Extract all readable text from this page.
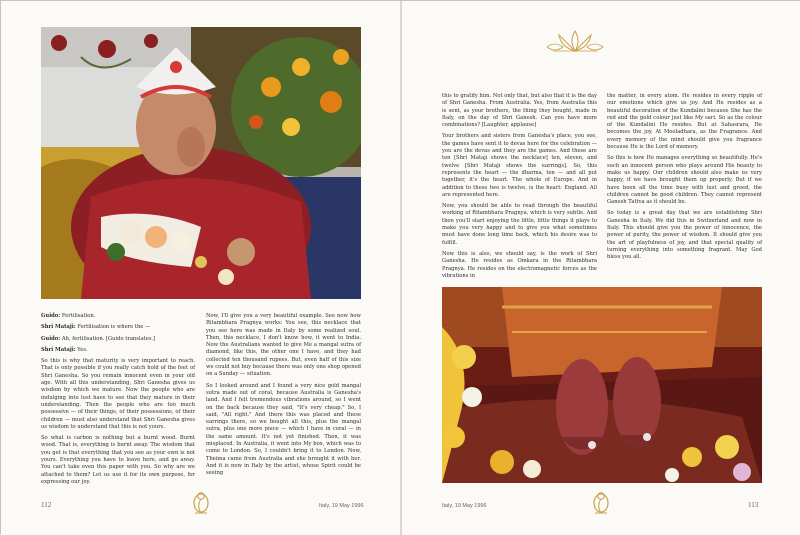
Guido: Fertilisation.

Shri Mataji: Fertilisation is where the —

Guido: Ah, fertilisation. [Guido translates.]

Shri Mataji: Yes.

So this is why that maturity is very important to reach. That is only possible if you really catch hold of the feet of Shri Ganesha. So you remain innocent even in your old age. With all this understanding, Shri Ganesha gives us wisdom by which we mature. Now the people who are indulging into lust have to see that they mature in their understanding. Then the people who are too much possessive — of their things, of their possessions, of their children — must also understand that Shri Ganesha gives us wisdom to understand that this is not yours.

So what is carbon is nothing but a burnt wood. Burnt wood. That is, everything is burnt away. The wisdom that you get is that everything that you see as your own is not yours. Everything you have to leave here, and go away. You can't take even this paper with you. So why are we attached to them? Let us use it for its own purpose, for expressing our joy.

Now, I'll give you a very beautiful example. See now how Ritambhara Pragnya works: You see, this necklace that you see here was made in Italy by some realized soul. Then, this necklace, I don't know how, it went to India. Now the Australians wanted to give Me a mangal sutra of diamond, like this, the other one I have, and they had collected ten thousand rupees. But, even half of this size we could not buy because there was only one shop opened on a Sunday — situation.

So I looked around and I found a very nice gold mangal sutra made out of coral, because Australia is Ganesha's land. And I felt tremendous vibrations around, so I went on the back because they said, "It's very cheap." So, I said, "All right." And there this was placed and these earrings there, so we bought all this, plus the mangal sutra, plus one more piece — which I have in coral — in the same amount. It's not yet finished. Then, it was misplaced. In Australia, it went into My box, which was to come to London. So, I couldn't bring it to London. Now, Theima came from Australia and she brought it with her. And it is now in Italy by the artist, whose Spirit could be seeing

112	Italy, 19 May 1996

this to gratify him. Not only that, but also that it is the day of Shri Ganesha. From Australia. Yes, from Australia this is sent, as your brothers, the thing they bought, made in Italy, on the day of Shri Ganesh. Can you have more combinations? [Laughter, applause]

Your brothers and sisters from Ganesha's place, you see, the games have sent it to devas here for the celebration — you are the devas and they are the games. And these are ten [Shri Mataji shows the necklace] ten, eleven, and twelve [Shri Mataji shows the earrings]. So, this represents the heart — the dharma, ten — and all put together, it's the heart. The whole of Europe. And in addition to these two is twelve, is the heart: England. All are represented here.

Now, you should be able to read through the beautiful working of Ritambhara Pragnya, which is very subtle. And then you'll start enjoying the little, little things it plays to make you very happy and to give you what sometimes must have done long time back, which his desire was to fulfill.

Now this is also, we should say, is the work of Shri Ganesha. He resides as Omkara in the Ritambhara Pragnya. He resides on the electromagnetic forces as the vibrations in

the matter, in every atom. He resides in every ripple of our emotions which give us joy. And He resides as a beautiful decoration of the Kundalini because She has the red and the gold colour just like My sari. So as the colour of the Kundalini He resides. But at Sahasrara, He becomes the joy. At Mooladhara, as the Fragrance. And every memory of the mind should give you fragrance because He is the Lord of memory.

So this is how He manages everything so beautifully. He's such an innocent person who plays around His beauty to make us happy. Our children should also make us very happy, if we have brought them up properly. But if we have been all the time busy with lust and greed, the children cannot be good children. They cannot represent Ganesh Tattva as it should be.

So today is a great day that we are establishing Shri Ganesha in Italy. We did this in Switzerland and now in Italy. This should give you the power of innocence, the power of purity, the power of wisdom. It should give you the art of playfulness of joy, and that special quality of turning everything into something fragrant. May God bless you all.

Italy, 19 May 1996	113
